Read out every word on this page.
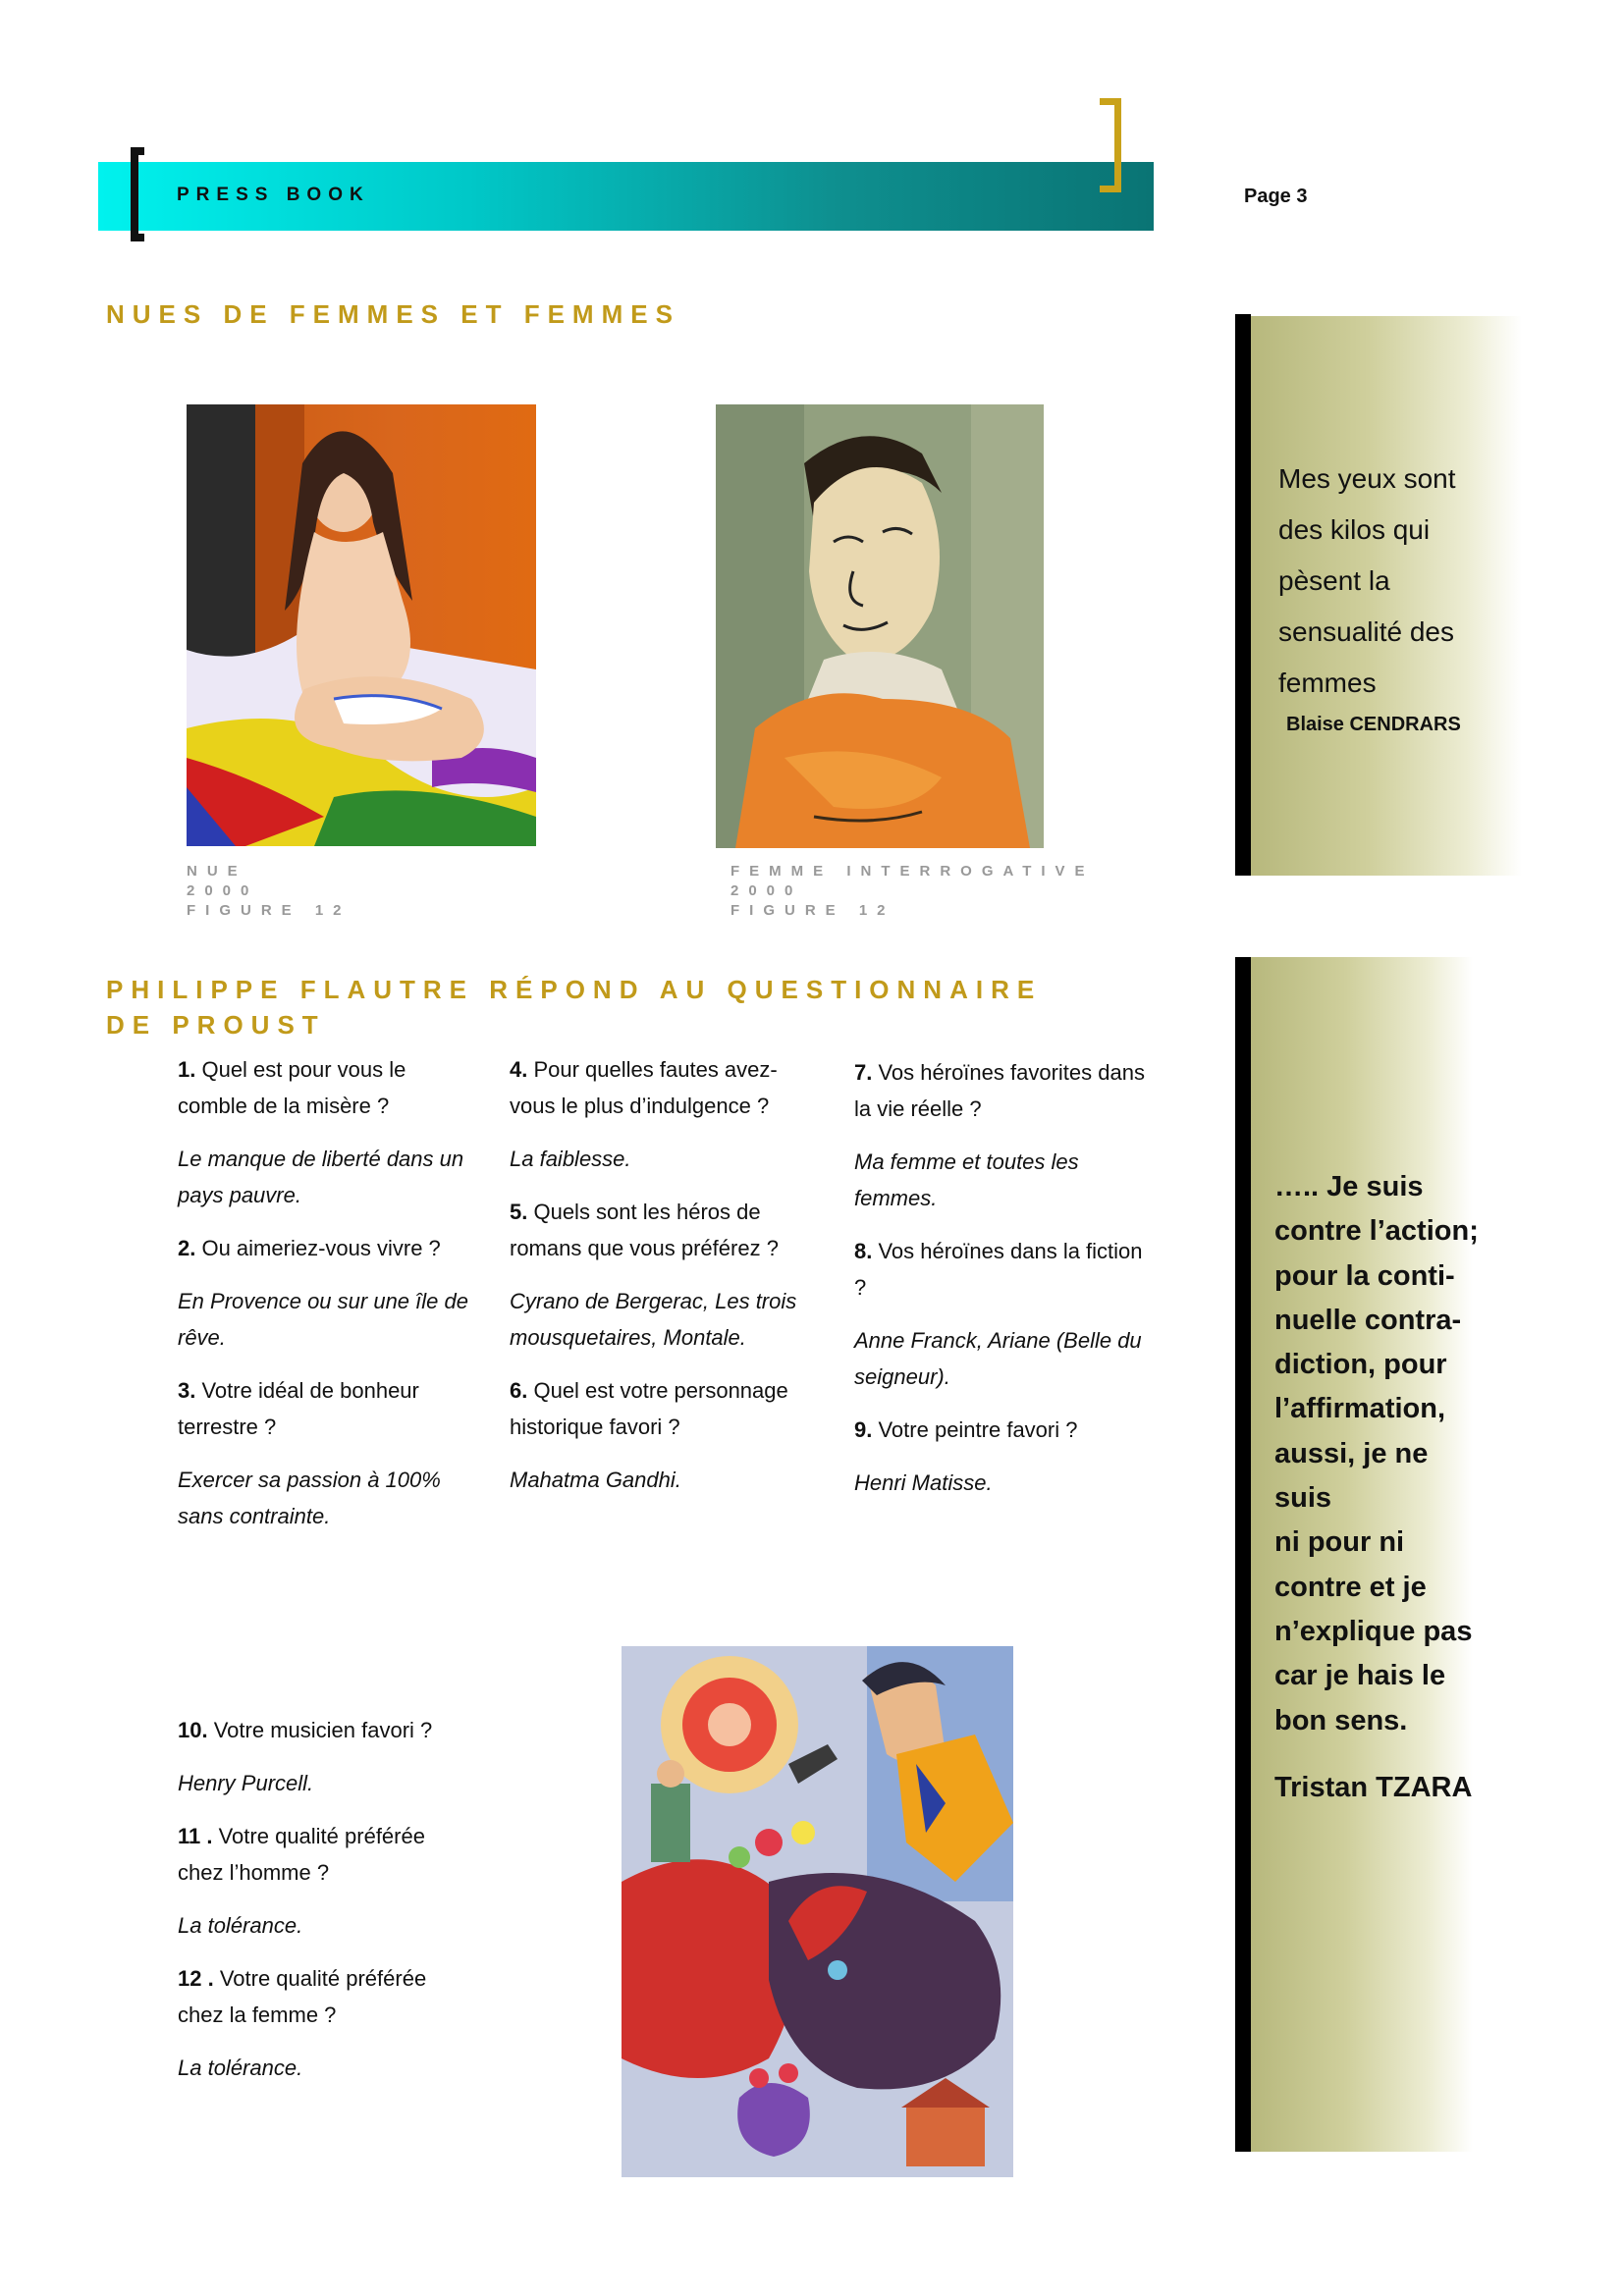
PRESS BOOK	Page 3
NUES DE FEMMES ET FEMMES
NUE
2000
FIGURE 12
FEMME INTERROGATIVE
2000
FIGURE 12
Mes yeux sont
des kilos qui
pèsent la
sensualité des
femmes
Blaise CENDRARS
PHILIPPE FLAUTRE RÉPOND AU QUESTIONNAIRE DE PROUST

1. Quel est pour vous le comble de la misère ?

Le manque de liberté dans un pays pauvre.

2. Ou aimeriez-vous vivre ?

En Provence ou sur une île de rêve.

3. Votre idéal de bonheur terrestre ?

Exercer sa passion à 100% sans contrainte.

4. Pour quelles fautes avez-vous le plus d’indulgence ?

La faiblesse.

5. Quels sont les héros de romans que vous préférez ?

Cyrano de Bergerac, Les trois mousquetaires, Montale.

6. Quel est votre personnage historique favori ?

Mahatma Gandhi.

7. Vos héroïnes favorites dans la vie réelle ?

Ma femme et toutes les femmes.

8. Vos héroïnes dans la fiction ?

Anne Franck, Ariane (Belle du seigneur).

9. Votre peintre favori ?

Henri Matisse.

10. Votre musicien favori ?

Henry Purcell.

11 . Votre qualité préférée chez l’homme ?

La tolérance.

12 . Votre qualité préférée chez la femme ?

La tolérance.

….. Je suis
contre l’action;
pour la conti-
nuelle contra-
diction, pour
l’affirmation,
aussi, je ne suis
ni pour ni
contre et je
n’explique pas
car je hais le
bon sens.
Tristan TZARA
